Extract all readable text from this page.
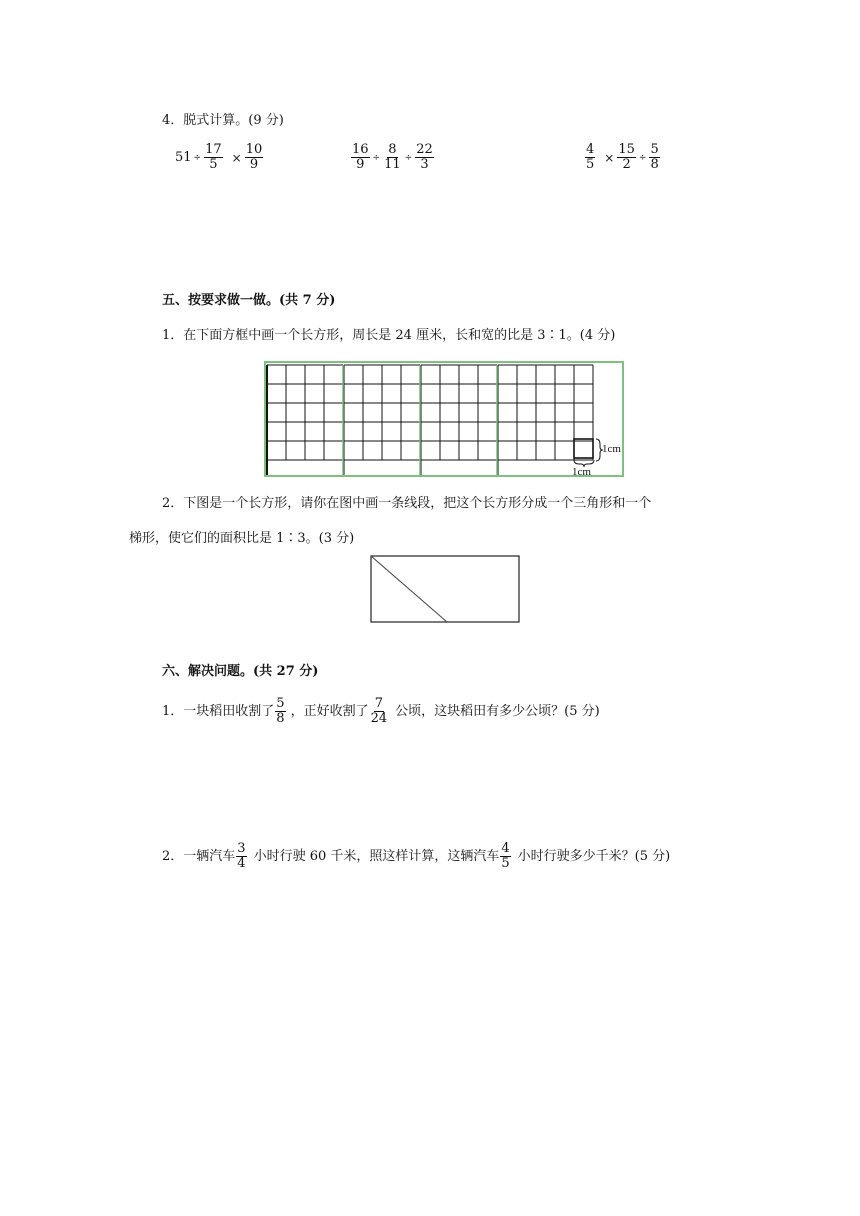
4．脱式计算。(9 分)
$51 \div \frac{17}{5} \times \frac{10}{9}$	$\frac{16}{9} \div \frac{8}{11} \div \frac{22}{3}$	$\frac{4}{5} \times \frac{15}{2} \div \frac{5}{8}$
五、按要求做一做。(共 7 分)
1．在下面方框中画一个长方形，周长是 24 厘米，长和宽的比是 3∶1。(4 分)
1cm
1cm
2．下图是一个长方形，请你在图中画一条线段，把这个长方形分成一个三角形和一个
梯形，使它们的面积比是 1∶3。(3 分)
六、解决问题。(共 27 分)
1． 一块稻田收割了 $\frac{5}{8}$ ，正好收割了 $\frac{7}{24}$ 公顷，这块稻田有多少公顷？(5 分)
2． 一辆汽车 $\frac{3}{4}$ 小时行驶 60 千米，照这样计算，这辆汽车 $\frac{4}{5}$ 小时行驶多少千米？(5 分)
